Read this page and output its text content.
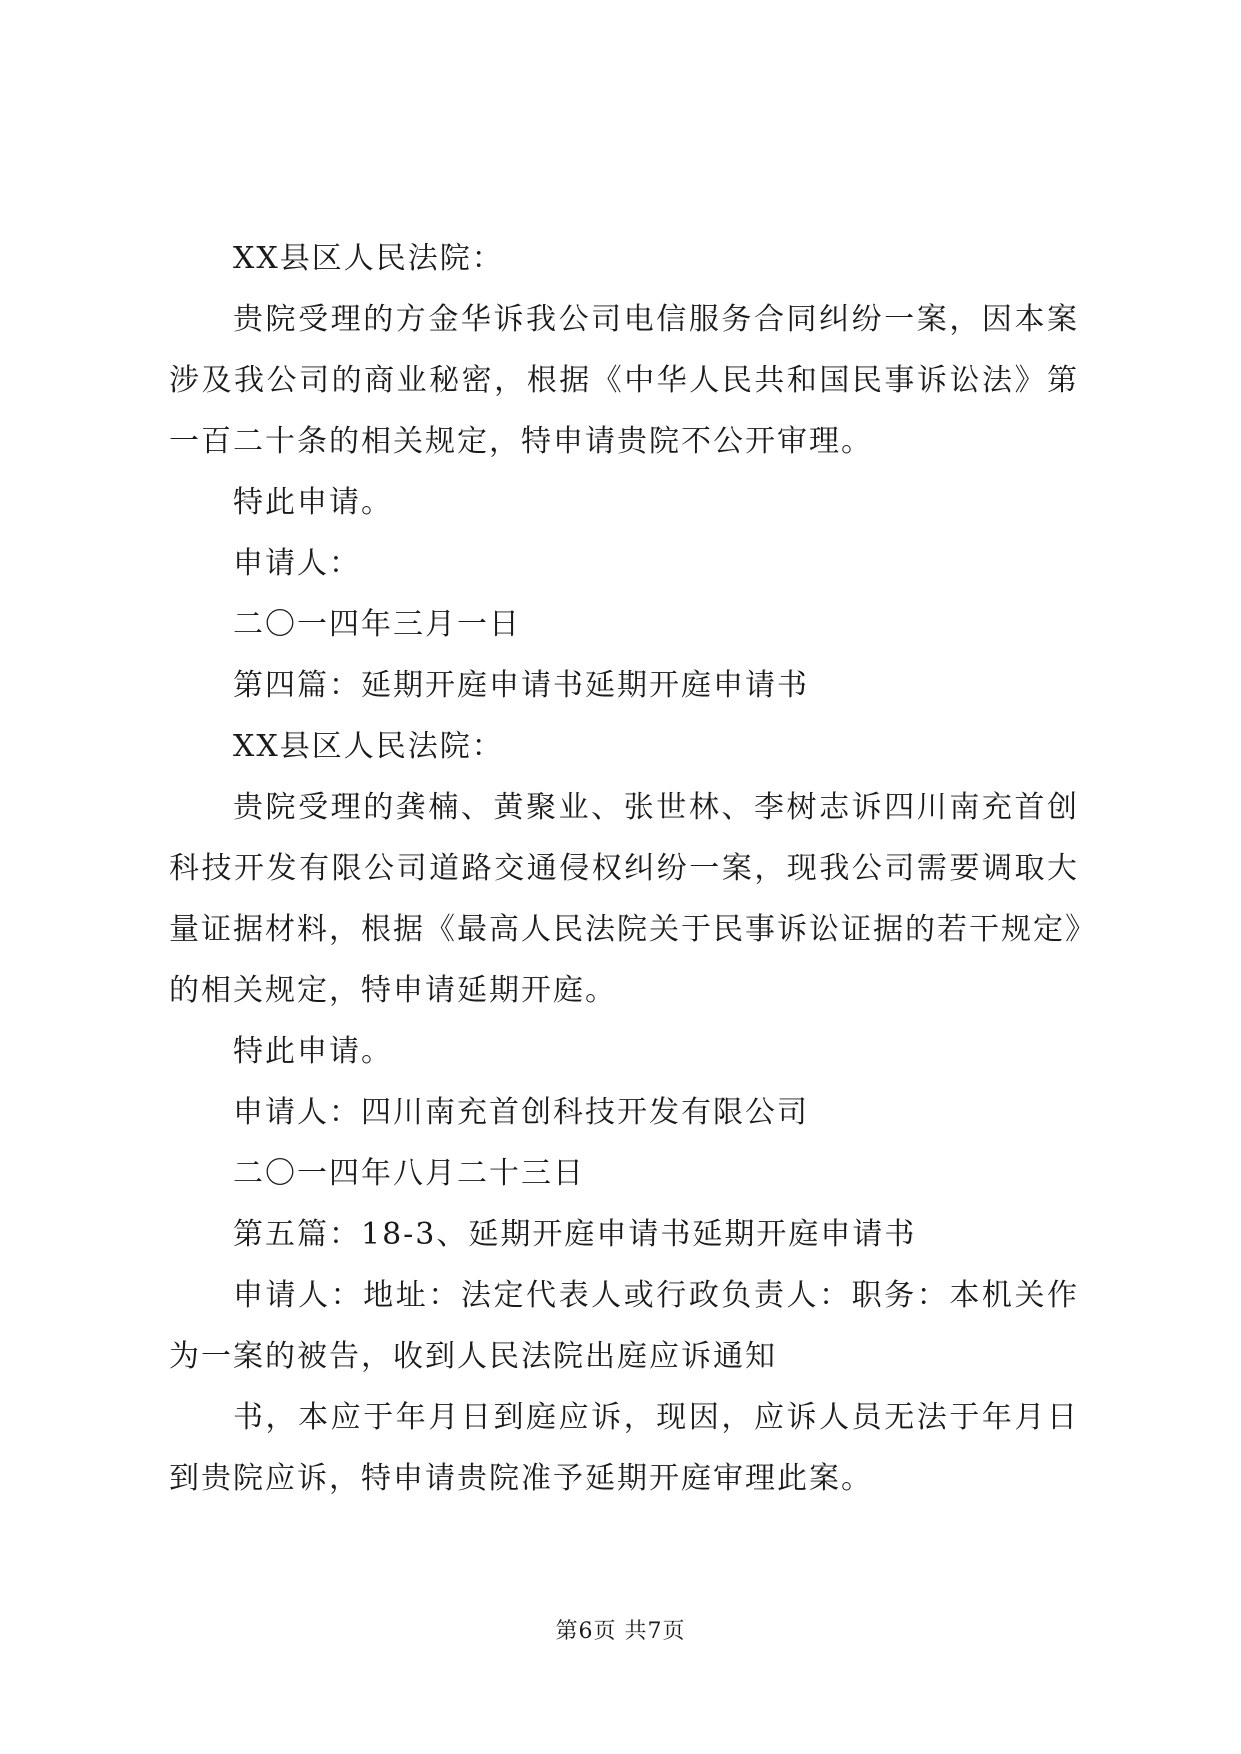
XX县区人民法院：
贵院受理的方金华诉我公司电信服务合同纠纷一案，因本案
涉及我公司的商业秘密，根据《中华人民共和国民事诉讼法》第
一百二十条的相关规定，特申请贵院不公开审理。
特此申请。
申请人：
二〇一四年三月一日
第四篇：延期开庭申请书延期开庭申请书
XX县区人民法院：
贵院受理的龚楠、黄聚业、张世林、李树志诉四川南充首创
科技开发有限公司道路交通侵权纠纷一案，现我公司需要调取大
量证据材料，根据《最高人民法院关于民事诉讼证据的若干规定》
的相关规定，特申请延期开庭。
特此申请。
申请人：四川南充首创科技开发有限公司
二〇一四年八月二十三日
第五篇：18-3、延期开庭申请书延期开庭申请书
申请人：地址：法定代表人或行政负责人：职务：本机关作
为一案的被告，收到人民法院出庭应诉通知
书，本应于年月日到庭应诉，现因，应诉人员无法于年月日
到贵院应诉，特申请贵院准予延期开庭审理此案。
第6页 共7页
